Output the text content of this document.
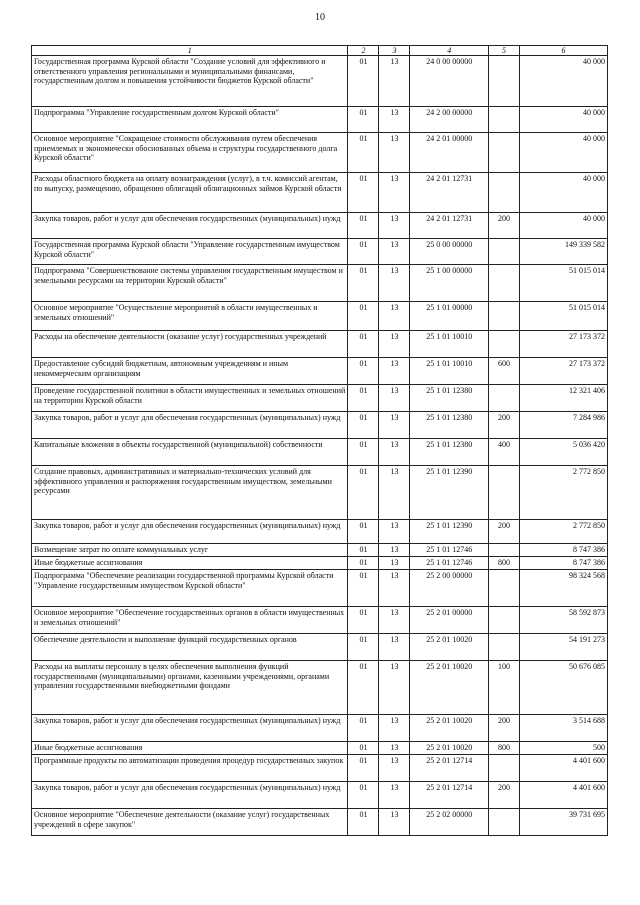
10
1	2	3	4	5	6
Государственная программа Курской области "Создание условий для эффективного и ответственного управления региональными и муниципальными финансами, государственным долгом и повышения устойчивости бюджетов Курской области"	01	13	24 0 00 00000		40 000
Подпрограмма "Управление государственным долгом Курской области"	01	13	24 2 00 00000		40 000
Основное мероприятие "Сокращение стоимости обслуживания путем обеспечения приемлемых и экономически обоснованных объема и структуры государственного долга Курской области"	01	13	24 2 01 00000		40 000
Расходы областного бюджета на оплату вознаграждения (услуг), в т.ч. комиссий агентам, по выпуску, размещению, обращению облигаций облигационных займов Курской области	01	13	24 2 01 12731		40 000
Закупка товаров, работ и услуг для обеспечения государственных (муниципальных) нужд	01	13	24 2 01 12731	200	40 000
Государственная программа Курской области "Управление государственным имуществом Курской области"	01	13	25 0 00 00000		149 339 582
Подпрограмма "Совершенствование системы управления государственным имуществом и земельными ресурсами на территории Курской области"	01	13	25 1 00 00000		51 015 014
Основное мероприятие "Осуществление мероприятий в области имущественных и земельных отношений"	01	13	25 1 01 00000		51 015 014
Расходы на обеспечение деятельности (оказание услуг) государственных учреждений	01	13	25 1 01 10010		27 173 372
Предоставление субсидий бюджетным, автономным учреждениям и иным некоммерческим организациям	01	13	25 1 01 10010	600	27 173 372
Проведение государственной политики в области имущественных и земельных отношений на территории Курской области	01	13	25 1 01 12380		12 321 406
Закупка товаров, работ и услуг для обеспечения государственных (муниципальных) нужд	01	13	25 1 01 12380	200	7 284 986
Капитальные вложения в объекты государственной (муниципальной) собственности	01	13	25 1 01 12380	400	5 036 420
Создание правовых, административных и материально-технических условий для эффективного управления и распоряжения государственным имуществом, земельными ресурсами	01	13	25 1 01 12390		2 772 850
Закупка товаров, работ и услуг для обеспечения государственных (муниципальных) нужд	01	13	25 1 01 12390	200	2 772 850
Возмещение затрат по оплате коммунальных услуг	01	13	25 1 01 12746		8 747 386
Иные бюджетные ассигнования	01	13	25 1 01 12746	800	8 747 386
Подпрограмма "Обеспечение реализации государственной программы Курской области "Управление государственным имуществом Курской области"	01	13	25 2 00 00000		98 324 568
Основное мероприятие "Обеспечение государственных органов в области имущественных и земельных отношений"	01	13	25 2 01 00000		58 592 873
Обеспечение деятельности и выполнение функций государственных органов	01	13	25 2 01 10020		54 191 273
Расходы на выплаты персоналу в целях обеспечения выполнения функций государственными (муниципальными) органами, казенными учреждениями, органами управления государственными внебюджетными фондами	01	13	25 2 01 10020	100	50 676 085
Закупка товаров, работ и услуг для обеспечения государственных (муниципальных) нужд	01	13	25 2 01 10020	200	3 514 688
Иные бюджетные ассигнования	01	13	25 2 01 10020	800	500
Программные продукты по автоматизации проведения процедур государственных закупок	01	13	25 2 01 12714		4 401 600
Закупка товаров, работ и услуг для обеспечения государственных (муниципальных) нужд	01	13	25 2 01 12714	200	4 401 600
Основное мероприятие "Обеспечение деятельности (оказание услуг) государственных учреждений в сфере закупок"	01	13	25 2 02 00000		39 731 695
